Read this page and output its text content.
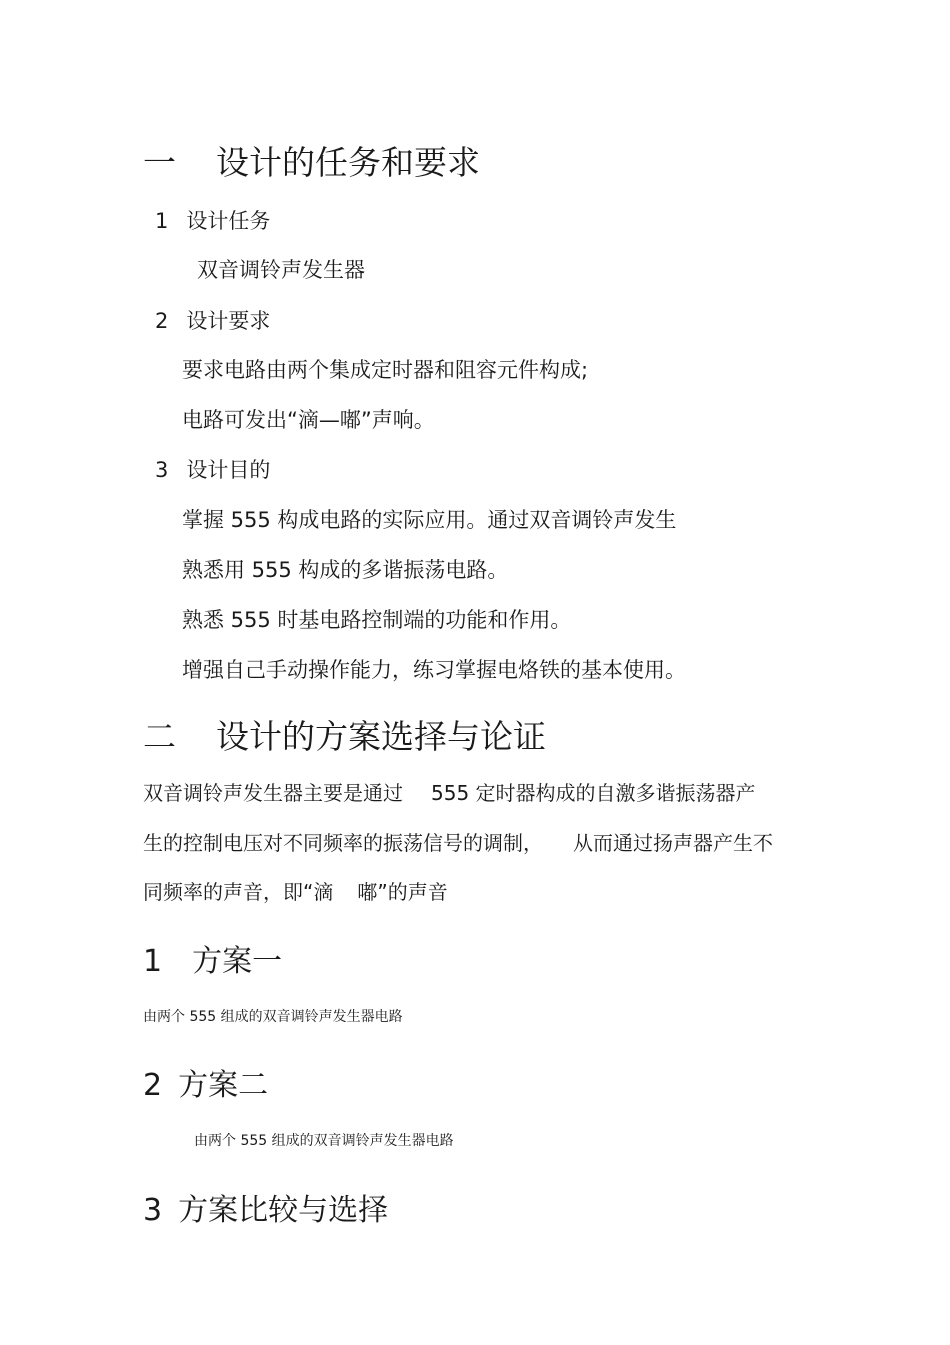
一 设计的任务和要求
1 设计任务
双音调铃声发生器
2 设计要求
要求电路由两个集成定时器和阻容元件构成;
电路可发出“滴—嘟”声响。
3 设计目的
掌握 555 构成电路的实际应用。通过双音调铃声发生
熟悉用 555 构成的多谐振荡电路。
熟悉 555 时基电路控制端的功能和作用。
增强自己手动操作能力，练习掌握电烙铁的基本使用。
二 设计的方案选择与论证
双音调铃声发生器主要是通过 555 定时器构成的自激多谐振荡器产
生的控制电压对不同频率的振荡信号的调制， 从而通过扬声器产生不
同频率的声音，即“滴 嘟”的声音
1 方案一
由两个 555 组成的双音调铃声发生器电路
2 方案二
由两个 555 组成的双音调铃声发生器电路
3 方案比较与选择
